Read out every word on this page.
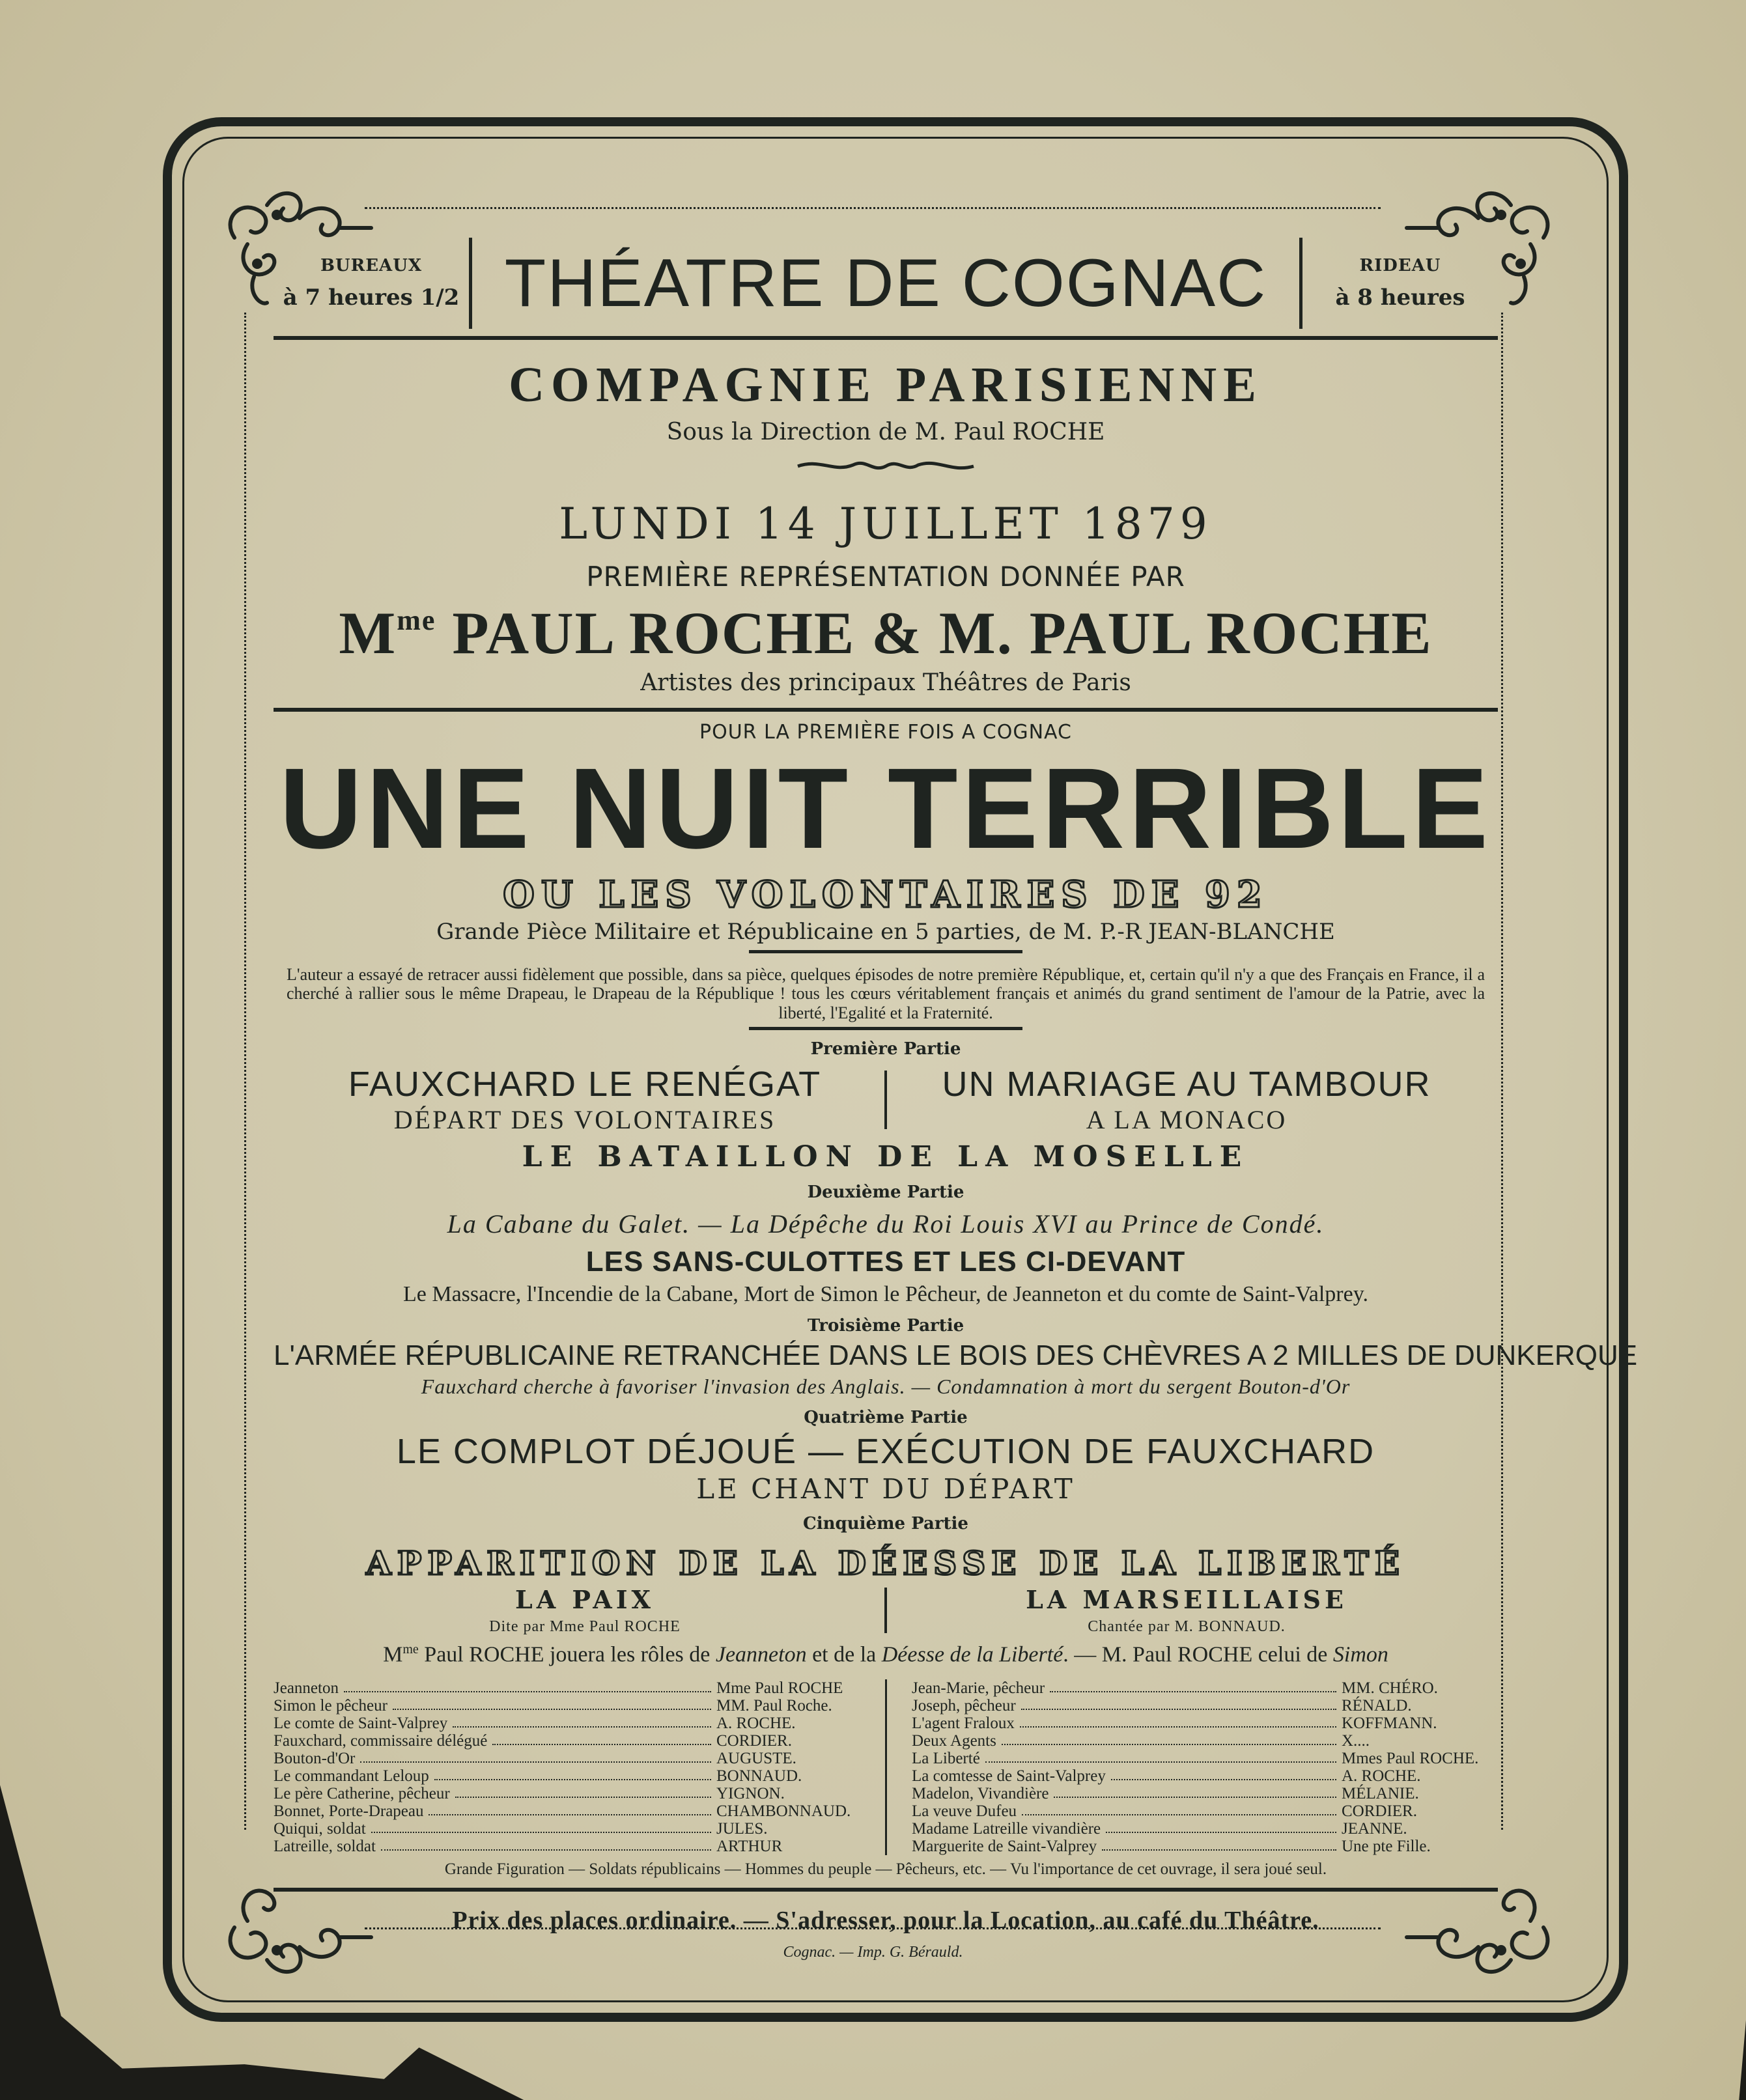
BUREAUX
à 7 heures 1/2 THÉATRE DE COGNAC	RIDEAU
à 8 heures
COMPAGNIE PARISIENNE
Sous la Direction de M. Paul ROCHE
LUNDI 14 JUILLET 1879
PREMIÈRE REPRÉSENTATION DONNÉE PAR
$M^{me}$ PAUL ROCHE & M. PAUL ROCHE
Artistes des principaux Théâtres de Paris
POUR LA PREMIÈRE FOIS A COGNAC
UNE NUIT TERRIBLE
OU LES VOLONTAIRES DE 92
Grande Pièce Militaire et Républicaine en 5 parties, de M. P.-R JEAN-BLANCHE
L'auteur a essayé de retracer aussi fidèlement que possible, dans sa pièce, quelques épisodes de notre première République, et, certain qu'il n'y a que des Français en France, il a cherché à rallier sous le même Drapeau, le Drapeau de la République ! tous les cœurs véritablement français et animés du grand sentiment de l'amour de la Patrie, avec la liberté, l'Egalité et la Fraternité.
Première Partie
FAUXCHARD LE RENÉGAT
DÉPART DES VOLONTAIRES
UN MARIAGE AU TAMBOUR
A LA MONACO
LE BATAILLON DE LA MOSELLE
Deuxième Partie
La Cabane du Galet. — La Dépêche du Roi Louis XVI au Prince de Condé.
LES SANS-CULOTTES ET LES CI-DEVANT
Le Massacre, l'Incendie de la Cabane, Mort de Simon le Pêcheur, de Jeanneton et du comte de Saint-Valprey.
Troisième Partie
L'ARMÉE RÉPUBLICAINE RETRANCHÉE DANS LE BOIS DES CHÈVRES A 2 MILLES DE DUNKERQUE
Fauxchard cherche à favoriser l'invasion des Anglais. — Condamnation à mort du sergent Bouton-d'Or
Quatrième Partie
LE COMPLOT DÉJOUÉ — EXÉCUTION DE FAUXCHARD
LE CHANT DU DÉPART
Cinquième Partie
APPARITION DE LA DÉESSE DE LA LIBERTÉ
LA PAIX
Dite par Mme Paul ROCHE
LA MARSEILLAISE
Chantée par M. BONNAUD.
$M^{me}$ Paul ROCHE jouera les rôles de Jeanneton et de la Déesse de la Liberté. — M. Paul ROCHE celui de Simon
Jeanneton	Mme Paul ROCHE
Simon le pêcheur	MM. Paul Roche.
Le comte de Saint-Valprey	A. ROCHE.
Fauxchard, commissaire délégué	CORDIER.
Bouton-d'Or	AUGUSTE.
Le commandant Leloup	BONNAUD.
Le père Catherine, pêcheur	YIGNON.
Bonnet, Porte-Drapeau	CHAMBONNAUD.
Quiqui, soldat	JULES.
Latreille, soldat	ARTHUR
Jean-Marie, pêcheur	MM. CHÉRO.
Joseph, pêcheur	RÉNALD.
L'agent Fraloux	KOFFMANN.
Deux Agents	X....
La Liberté	Mmes Paul ROCHE.
La comtesse de Saint-Valprey	A. ROCHE.
Madelon, Vivandière	MÉLANIE.
La veuve Dufeu	CORDIER.
Madame Latreille vivandière	JEANNE.
Marguerite de Saint-Valprey	Une pte Fille.
Grande Figuration — Soldats républicains — Hommes du peuple — Pêcheurs, etc. — Vu l'importance de cet ouvrage, il sera joué seul.
Prix des places ordinaire. — S'adresser, pour la Location, au café du Théâtre.
Cognac. — Imp. G. Bérauld.
